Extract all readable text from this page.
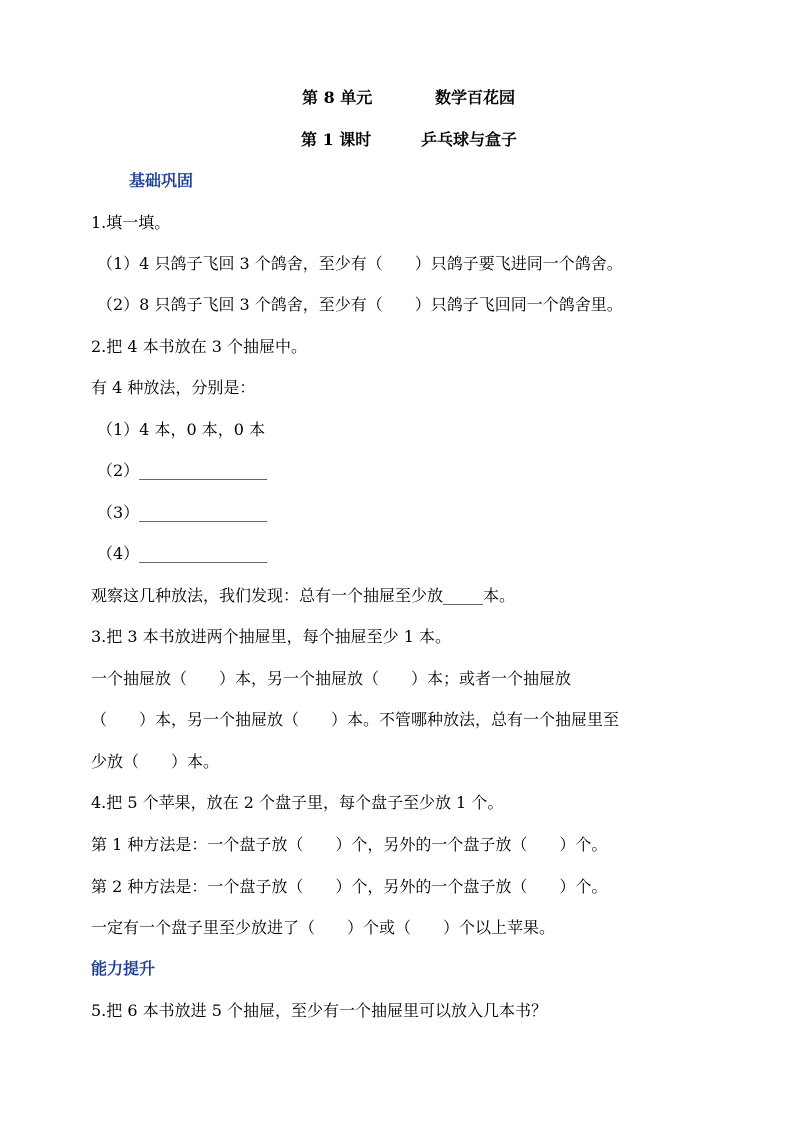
第 8 单元	数学百花园
第 1 课时	乒乓球与盒子
基础巩固
1.填一填。
（1）4 只鸽子飞回 3 个鸽舍，至少有（　　）只鸽子要飞进同一个鸽舍。
（2）8 只鸽子飞回 3 个鸽舍，至少有（　　）只鸽子飞回同一个鸽舍里。
2.把 4 本书放在 3 个抽屉中。
有 4 种放法，分别是：
（1）4 本，0 本，0 本
（2）________________
（3）________________
（4）________________
观察这几种放法，我们发现：总有一个抽屉至少放_____本。
3.把 3 本书放进两个抽屉里，每个抽屉至少 1 本。
一个抽屉放（　　）本，另一个抽屉放（　　）本；或者一个抽屉放
（　　）本，另一个抽屉放（　　）本。不管哪种放法，总有一个抽屉里至
少放（　　）本。
4.把 5 个苹果，放在 2 个盘子里，每个盘子至少放 1 个。
第 1 种方法是：一个盘子放（　　）个，另外的一个盘子放（　　）个。
第 2 种方法是：一个盘子放（　　）个，另外的一个盘子放（　　）个。
一定有一个盘子里至少放进了（　　）个或（　　）个以上苹果。
能力提升
5.把 6 本书放进 5 个抽屉，至少有一个抽屉里可以放入几本书？
